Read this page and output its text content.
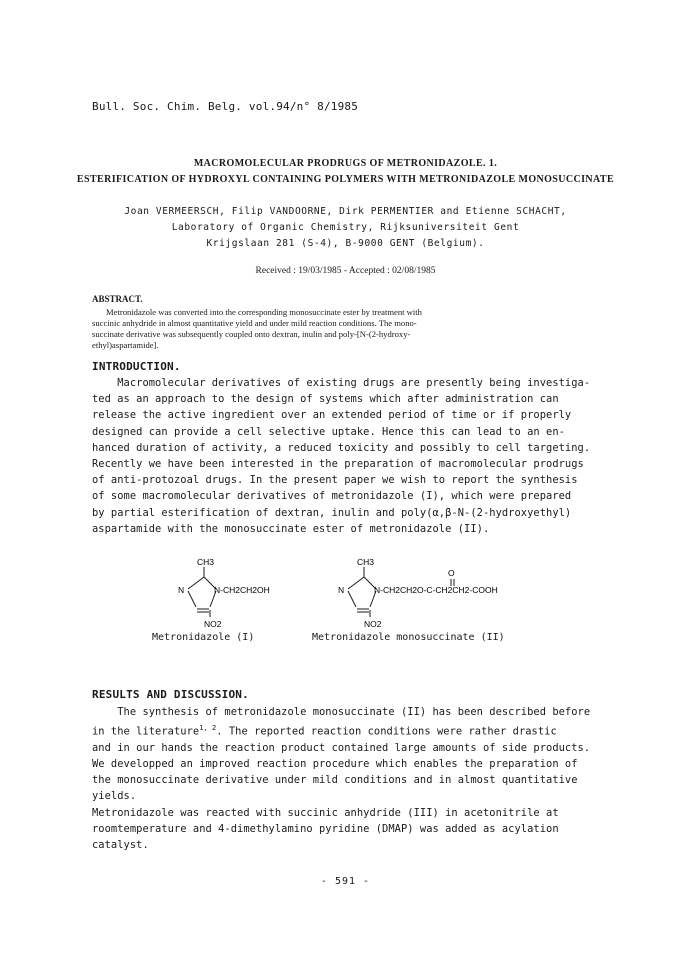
Bull. Soc. Chim. Belg. vol.94/n° 8/1985
MACROMOLECULAR PRODRUGS OF METRONIDAZOLE. 1.
ESTERIFICATION OF HYDROXYL CONTAINING POLYMERS WITH METRONIDAZOLE MONOSUCCINATE
Joan VERMEERSCH, Filip VANDOORNE, Dirk PERMENTIER and Etienne SCHACHT,
Laboratory of Organic Chemistry, Rijksuniversiteit Gent
Krijgslaan 281 (S-4), B-9000 GENT (Belgium).
Received : 19/03/1985 - Accepted : 02/08/1985
ABSTRACT.
Metronidazole was converted into the corresponding monosuccinate ester by treatment with
succinic anhydride in almost quantitative yield and under mild reaction conditions. The mono-
succinate derivative was subsequently coupled onto dextran, inulin and poly-[N-(2-hydroxy-
ethyl)aspartamide].
INTRODUCTION.
Macromolecular derivatives of existing drugs are presently being investiga-
ted as an approach to the design of systems which after administration can
release the active ingredient over an extended period of time or if properly
designed can provide a cell selective uptake. Hence this can lead to an en-
hanced duration of activity, a reduced toxicity and possibly to cell targeting.
Recently we have been interested in the preparation of macromolecular prodrugs
of anti-protozoal drugs. In the present paper we wish to report the synthesis
of some macromolecular derivatives of metronidazole (I), which were prepared
by partial esterification of dextran, inulin and poly(α,β-N-(2-hydroxyethyl)
aspartamide with the monosuccinate ester of metronidazole (II).
CH3
N	N-CH2CH2OH
NO2
CH3
N	N-CH2CH2O-C-CH2CH2-COOH
O
NO2
Metronidazole (I)	Metronidazole monosuccinate (II)
RESULTS AND DISCUSSION.
The synthesis of metronidazole monosuccinate (II) has been described before
in the literature$^{1, 2}$. The reported reaction conditions were rather drastic
and in our hands the reaction product contained large amounts of side products.
We developped an improved reaction procedure which enables the preparation of
the monosuccinate derivative under mild conditions and in almost quantitative
yields.
Metronidazole was reacted with succinic anhydride (III) in acetonitrile at
roomtemperature and 4-dimethylamino pyridine (DMAP) was added as acylation
catalyst.
- 591 -
